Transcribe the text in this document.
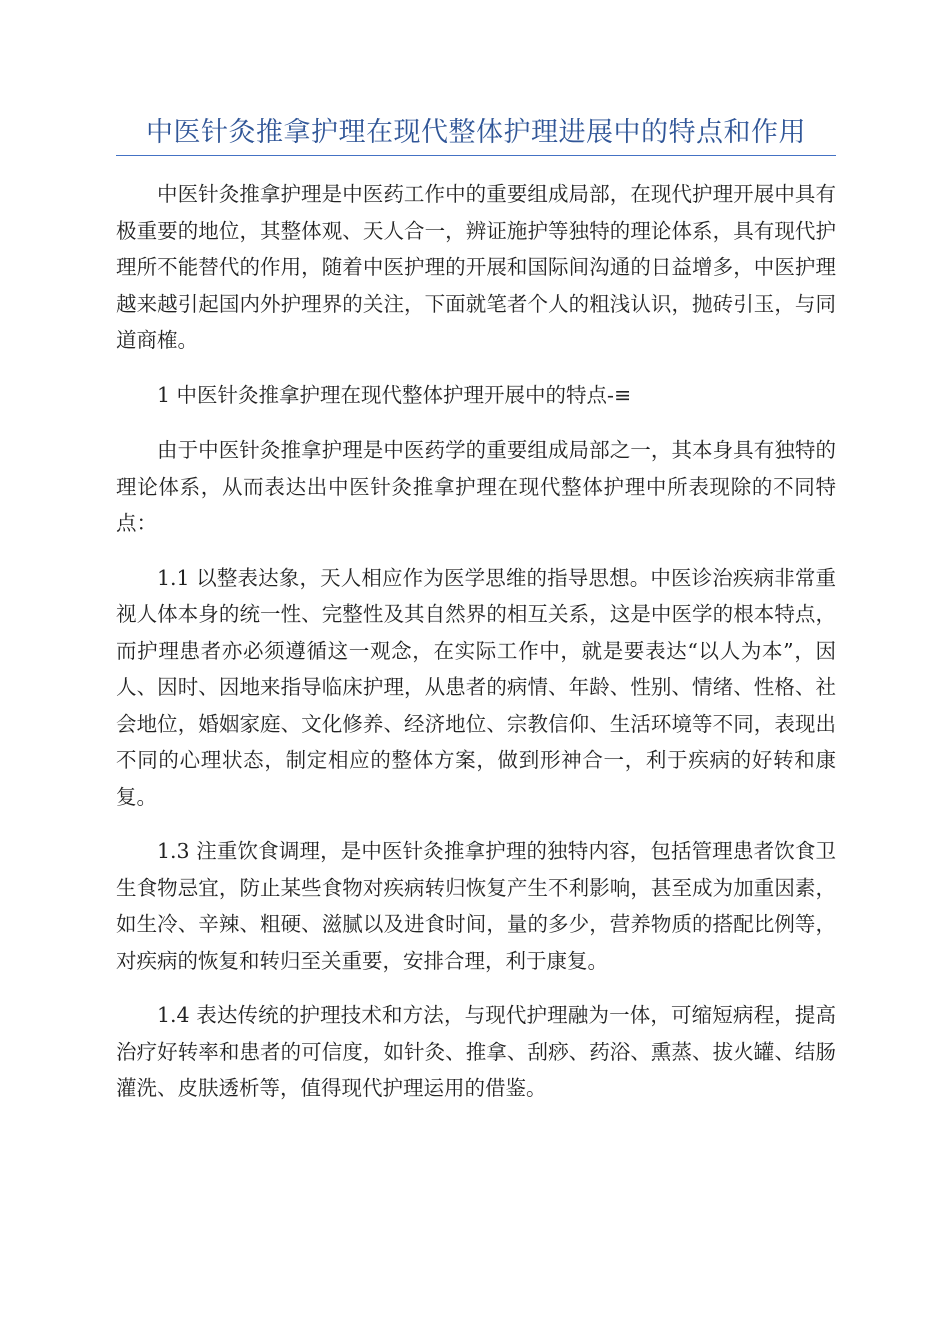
中医针灸推拿护理在现代整体护理进展中的特点和作用

中医针灸推拿护理是中医药工作中的重要组成局部，在现代护理开展中具有极重要的地位，其整体观、天人合一，辨证施护等独特的理论体系，具有现代护理所不能替代的作用，随着中医护理的开展和国际间沟通的日益增多，中医护理越来越引起国内外护理界的关注，下面就笔者个人的粗浅认识，抛砖引玉，与同道商榷。

1 中医针灸推拿护理在现代整体护理开展中的特点-≡

由于中医针灸推拿护理是中医药学的重要组成局部之一，其本身具有独特的理论体系，从而表达出中医针灸推拿护理在现代整体护理中所表现除的不同特点：

1.1 以整表达象，天人相应作为医学思维的指导思想。中医诊治疾病非常重视人体本身的统一性、完整性及其自然界的相互关系，这是中医学的根本特点，而护理患者亦必须遵循这一观念，在实际工作中，就是要表达“以人为本”，因人、因时、因地来指导临床护理，从患者的病情、年龄、性别、情绪、性格、社会地位，婚姻家庭、文化修养、经济地位、宗教信仰、生活环境等不同，表现出不同的心理状态，制定相应的整体方案，做到形神合一，利于疾病的好转和康复。

1.3 注重饮食调理，是中医针灸推拿护理的独特内容，包括管理患者饮食卫生食物忌宜，防止某些食物对疾病转归恢复产生不利影响，甚至成为加重因素，如生冷、辛辣、粗硬、滋腻以及进食时间，量的多少，营养物质的搭配比例等，对疾病的恢复和转归至关重要，安排合理，利于康复。

1.4 表达传统的护理技术和方法，与现代护理融为一体，可缩短病程，提高治疗好转率和患者的可信度，如针灸、推拿、刮痧、药浴、熏蒸、拔火罐、结肠灌洗、皮肤透析等，值得现代护理运用的借鉴。
